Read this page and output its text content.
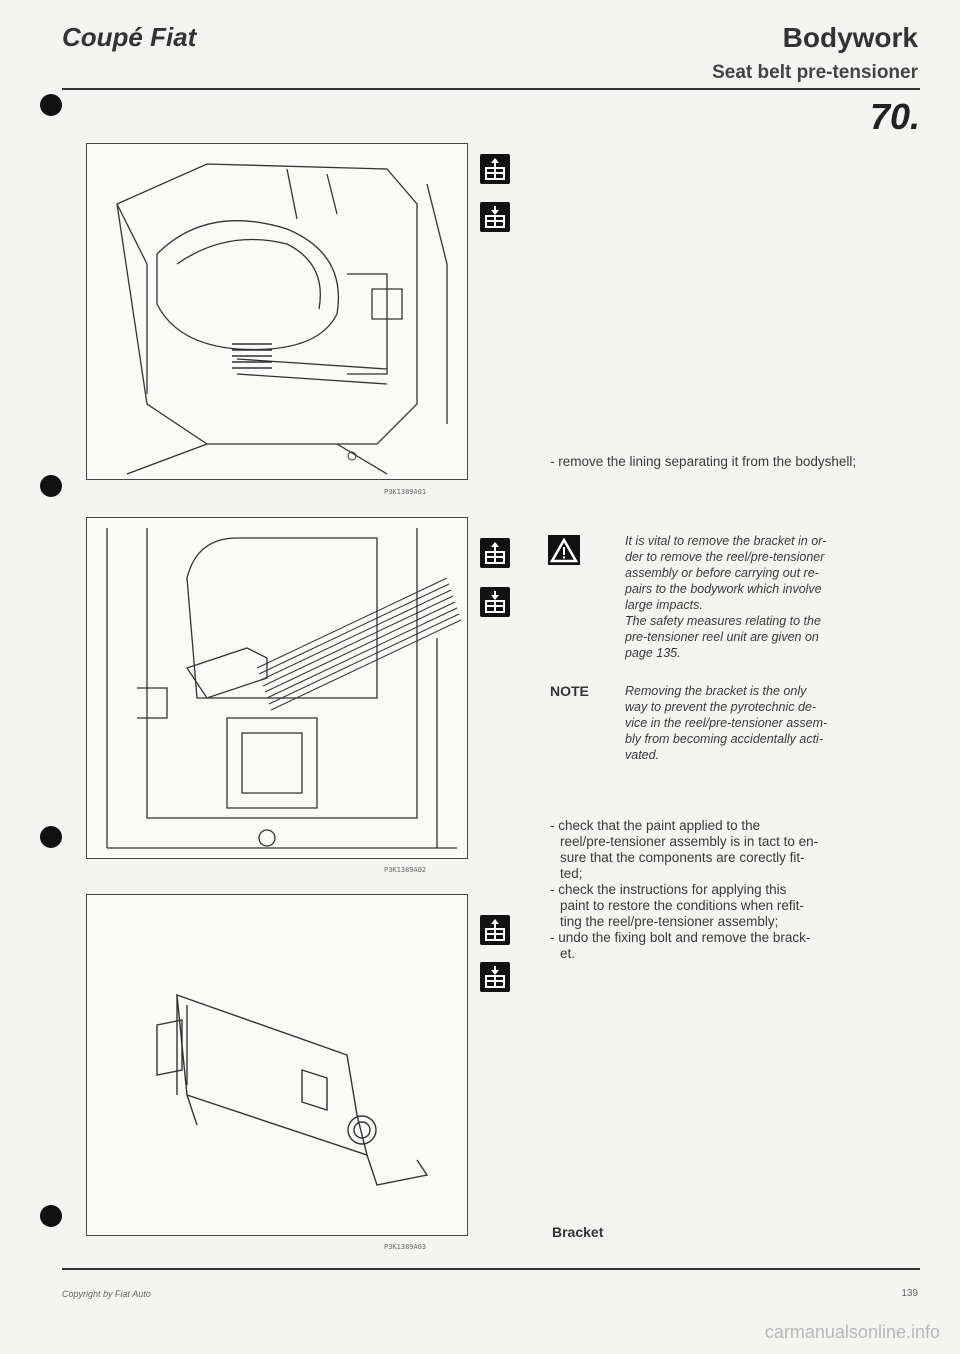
Coupé Fiat	Bodywork
Seat belt pre-tensioner
70.
P3K1389A01
P3K1389A02
P3K1389A03
- remove the lining separating it from the bodyshell;
It is vital to remove the bracket in or-
der to remove the reel/pre-tensioner
assembly or before carrying out re-
pairs to the bodywork which involve
large impacts.
The safety measures relating to the
pre-tensioner reel unit are given on
page 135.
NOTE	Removing the bracket is the only
way to prevent the pyrotechnic de-
vice in the reel/pre-tensioner assem-
bly from becoming accidentally acti-
vated.
- check that the paint applied to the
reel/pre-tensioner assembly is in tact to en-
sure that the components are corectly fit-
ted;
- check the instructions for applying this
paint to restore the conditions when refit-
ting the reel/pre-tensioner assembly;
- undo the fixing bolt and remove the brack-
et.
Bracket
Copyright by Fiat Auto	139
carmanualsonline.info
